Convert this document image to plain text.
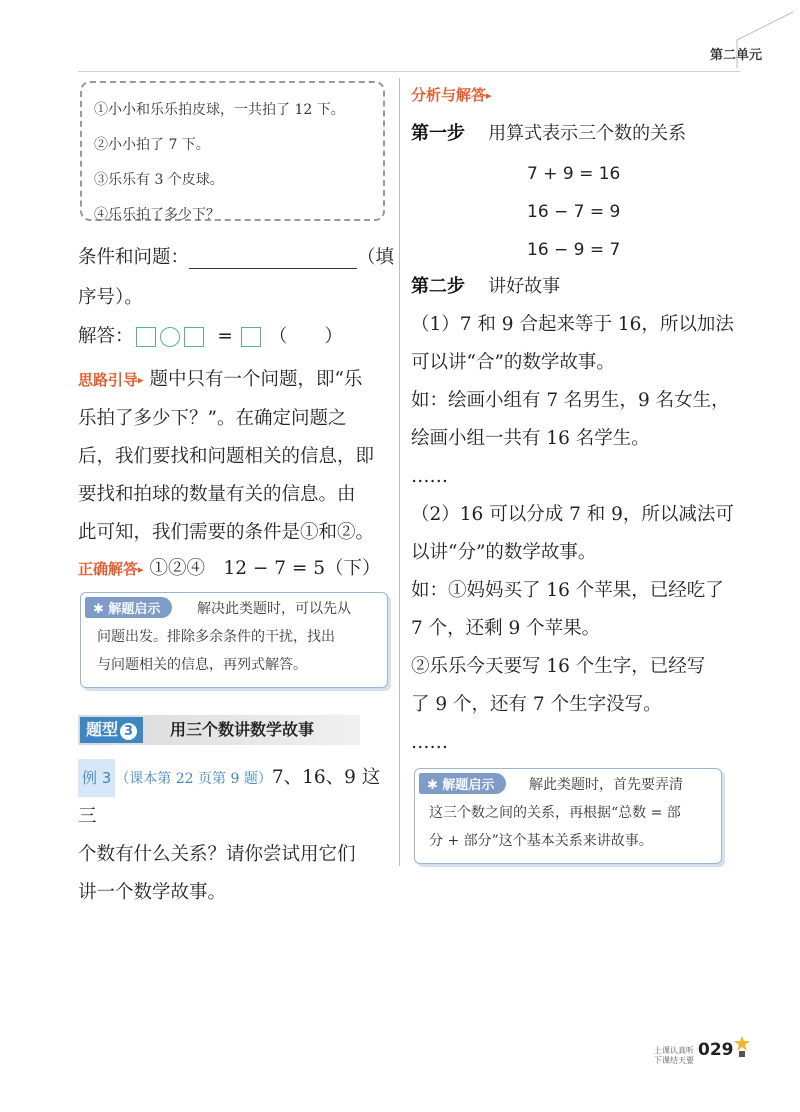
第二单元
①小小和乐乐拍皮球，一共拍了 12 下。
②小小拍了 7 下。
③乐乐有 3 个皮球。
④乐乐拍了多少下？
条件和问题：	（填
序号）。
解答：	= （　　）
思路引导▸ 题中只有一个问题，即“乐
乐拍了多少下？”。在确定问题之
后，我们要找和问题相关的信息，即
要找和拍球的数量有关的信息。由
此可知，我们需要的条件是①和②。
正确解答▸ ①②④　12 − 7 = 5（下）
✱ 解题启示	解决此类题时，可以先从
问题出发。排除多余条件的干扰，找出
与问题相关的信息，再列式解答。
题型 3	用三个数讲数学故事
例 3 （课本第 22 页第 9 题）7、16、9 这三
个数有什么关系？请你尝试用它们
讲一个数学故事。
分析与解答▸
第一步 用算式表示三个数的关系
7 + 9 = 16
16 − 7 = 9
16 − 9 = 7
第二步 讲好故事
（1）7 和 9 合起来等于 16，所以加法
可以讲“合”的数学故事。
如：绘画小组有 7 名男生，9 名女生，
绘画小组一共有 16 名学生。
……
（2）16 可以分成 7 和 9，所以减法可
以讲“分”的数学故事。
如：①妈妈买了 16 个苹果，已经吃了
7 个，还剩 9 个苹果。
②乐乐今天要写 16 个生字，已经写
了 9 个，还有 7 个生字没写。
……
✱ 解题启示	解此类题时，首先要弄清
这三个数之间的关系，再根据“总数 = 部
分 + 部分”这个基本关系来讲故事。
上课认真听
下课结天要
029
